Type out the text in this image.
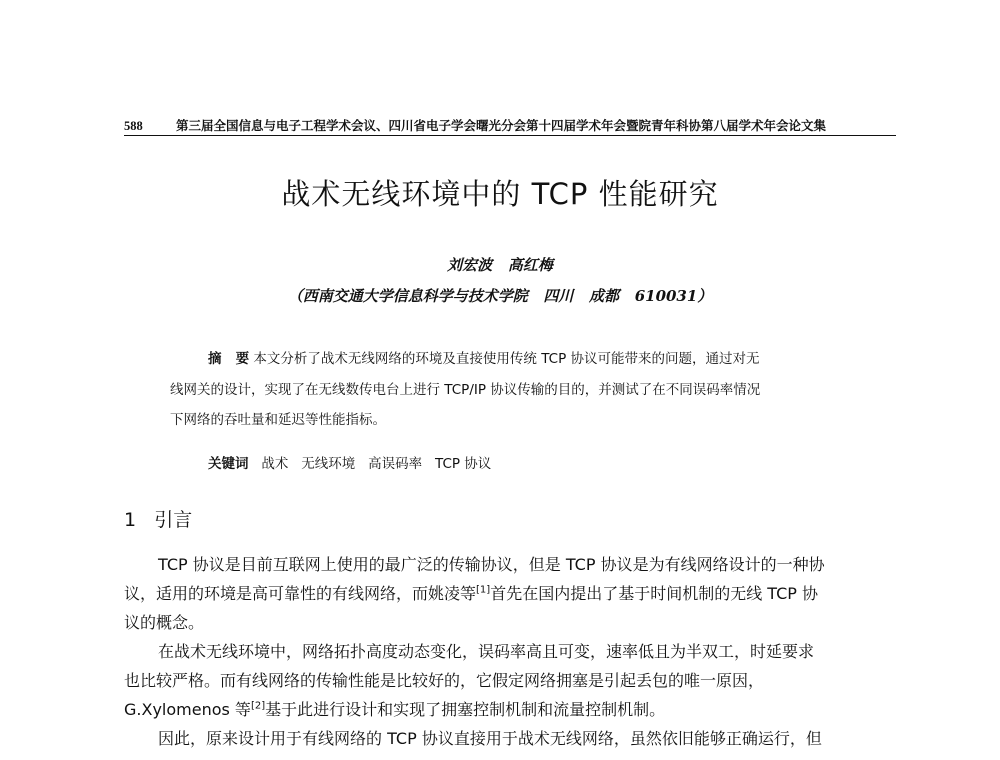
588	第三届全国信息与电子工程学术会议、四川省电子学会曙光分会第十四届学术年会暨院青年科协第八届学术年会论文集
战术无线环境中的 TCP 性能研究
刘宏波   高红梅
（西南交通大学信息科学与技术学院   四川   成都   610031）
摘   要 本文分析了战术无线网络的环境及直接使用传统 TCP 协议可能带来的问题，通过对无
线网关的设计，实现了在无线数传电台上进行 TCP/IP 协议传输的目的，并测试了在不同误码率情况
下网络的吞吐量和延迟等性能指标。
关键词 战术   无线环境   高误码率   TCP 协议
1 引言
TCP 协议是目前互联网上使用的最广泛的传输协议，但是 TCP 协议是为有线网络设计的一种协
议，适用的环境是高可靠性的有线网络，而姚凌等[1]首先在国内提出了基于时间机制的无线 TCP 协
议的概念。
在战术无线环境中，网络拓扑高度动态变化，误码率高且可变，速率低且为半双工，时延要求
也比较严格。而有线网络的传输性能是比较好的，它假定网络拥塞是引起丢包的唯一原因，
G.Xylomenos 等[2]基于此进行设计和实现了拥塞控制机制和流量控制机制。
因此，原来设计用于有线网络的 TCP 协议直接用于战术无线网络，虽然依旧能够正确运行，但
